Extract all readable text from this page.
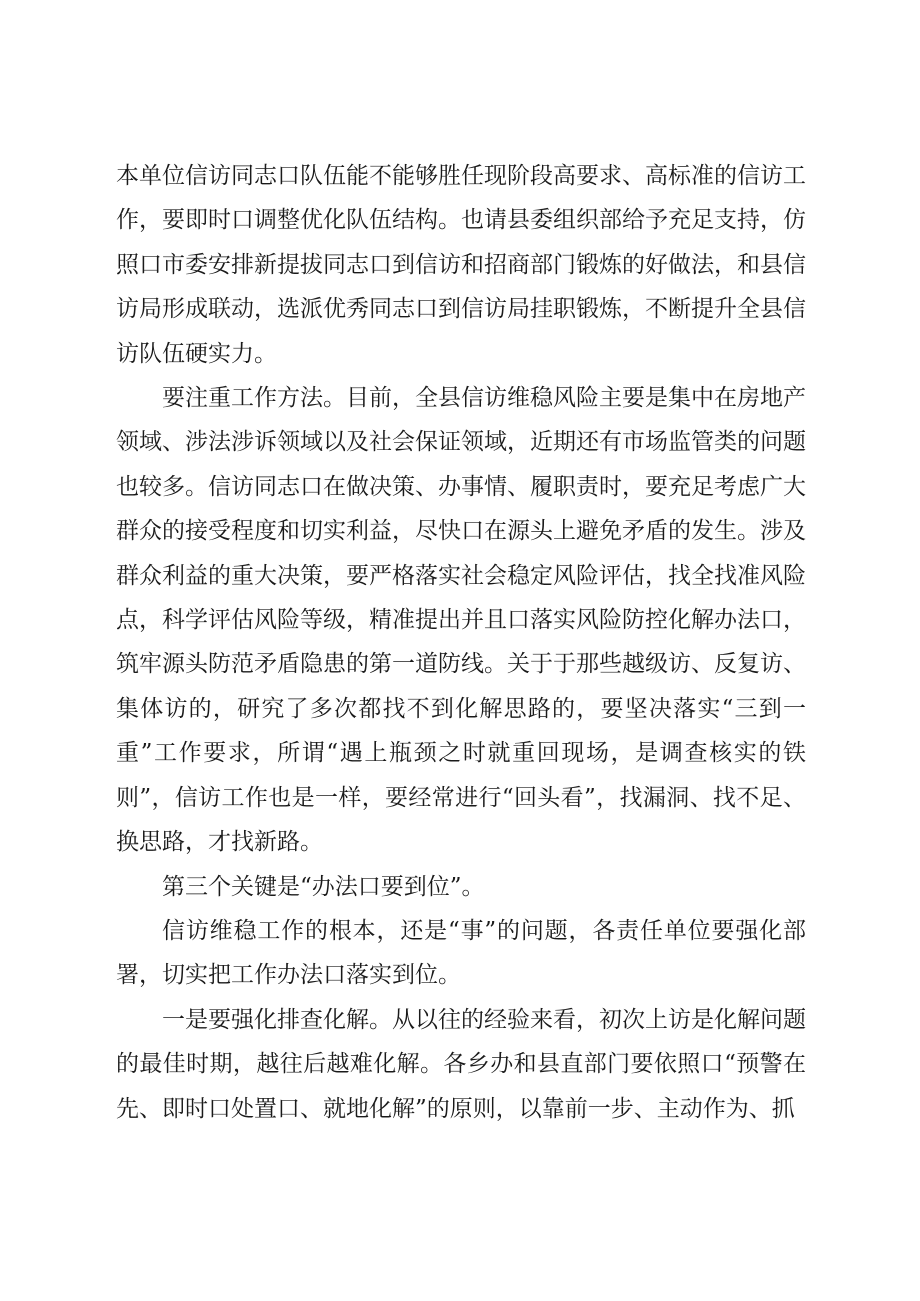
本单位信访同志口队伍能不能够胜任现阶段高要求、高标准的信访工作，要即时口调整优化队伍结构。也请县委组织部给予充足支持，仿照口市委安排新提拔同志口到信访和招商部门锻炼的好做法，和县信访局形成联动，选派优秀同志口到信访局挂职锻炼，不断提升全县信访队伍硬实力。

要注重工作方法。目前，全县信访维稳风险主要是集中在房地产领域、涉法涉诉领域以及社会保证领域，近期还有市场监管类的问题也较多。信访同志口在做决策、办事情、履职责时，要充足考虑广大群众的接受程度和切实利益，尽快口在源头上避免矛盾的发生。涉及群众利益的重大决策，要严格落实社会稳定风险评估，找全找准风险点，科学评估风险等级，精准提出并且口落实风险防控化解办法口，筑牢源头防范矛盾隐患的第一道防线。关于于那些越级访、反复访、集体访的，研究了多次都找不到化解思路的，要坚决落实“三到一重”工作要求，所谓“遇上瓶颈之时就重回现场，是调查核实的铁则”，信访工作也是一样，要经常进行“回头看”，找漏洞、找不足、换思路，才找新路。

第三个关键是“办法口要到位”。

信访维稳工作的根本，还是“事”的问题，各责任单位要强化部署，切实把工作办法口落实到位。

一是要强化排查化解。从以往的经验来看，初次上访是化解问题的最佳时期，越往后越难化解。各乡办和县直部门要依照口“预警在先、即时口处置口、就地化解”的原则，以靠前一步、主动作为、抓
